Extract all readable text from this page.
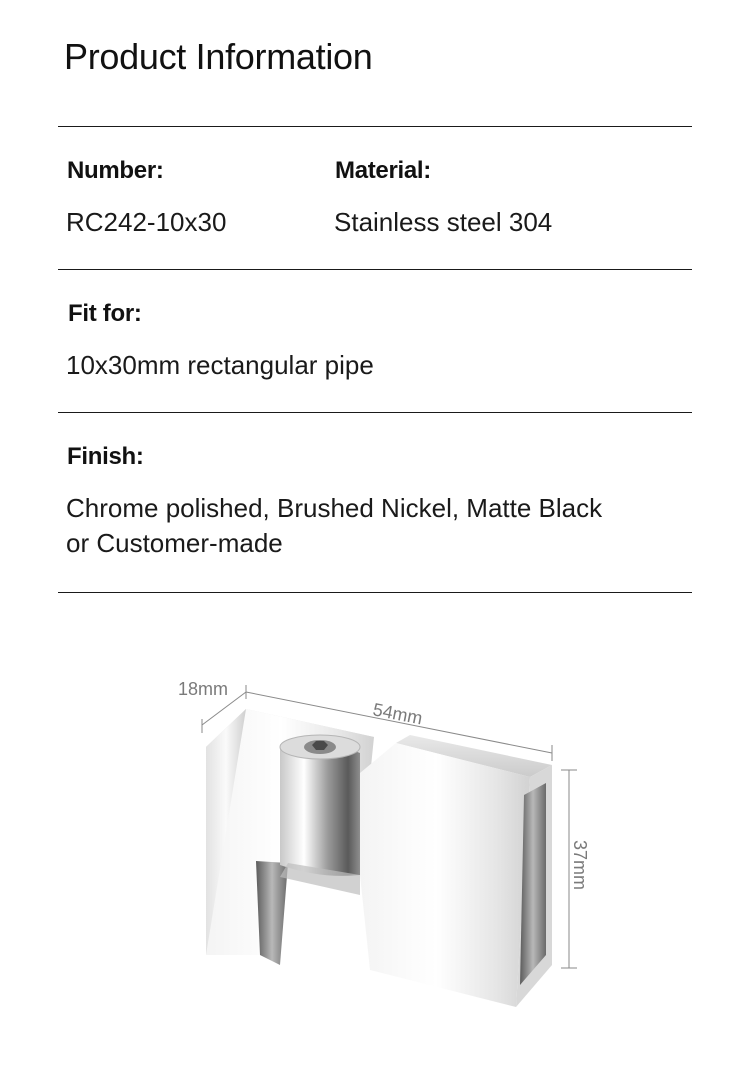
Product Information
Number:	Material:
RC242-10x30	Stainless steel 304
Fit for:
10x30mm rectangular pipe
Finish:
Chrome polished, Brushed Nickel, Matte Black
or Customer-made
18mm
54mm
37mm
